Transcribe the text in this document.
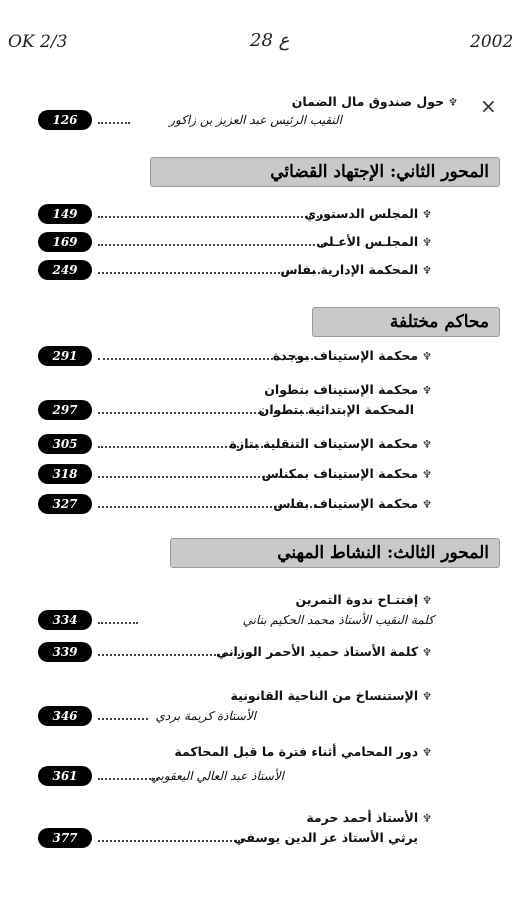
OK 2/3	28 ع	2002
×
♆حول صندوق مال الضمان
126	النقيب الرئيس عبد العزيز بن زاكور
المحور الثاني: الإجتهاد القضائي
149	♆المجلس الدستوري
169	♆المجلـس الأعـلى
249	♆المحكمة الإدارية بفاس
محاكم مختلفة
291	♆محكمة الإستيناف بوجدة
♆محكمة الإستيناف بتطوان
297	المحكمة الإبتدائية بتطوان
305	♆محكمة الإستيناف التنقلية بتازة
318	♆محكمة الإستيناف بمكناس
327	♆محكمة الإستيناف بفاس
المحور الثالث: النشاط المهني
♆إفتتـاح ندوة التمرين
334	كلمة النقيب الأستاذ محمد الحكيم بناني
339	♆كلمة الأستاذ حميد الأحمر الوزاني
♆الإستنساخ من الناحية القانونية
346	الأستاذة كريمة بردي
♆دور المحامي أثناء فترة ما قبل المحاكمة
361	الأستاذ عبد العالي اليعقوبي
♆الأستاذ أحمد حرمة
377	يرثي الأستاذ عز الدين يوسفي
